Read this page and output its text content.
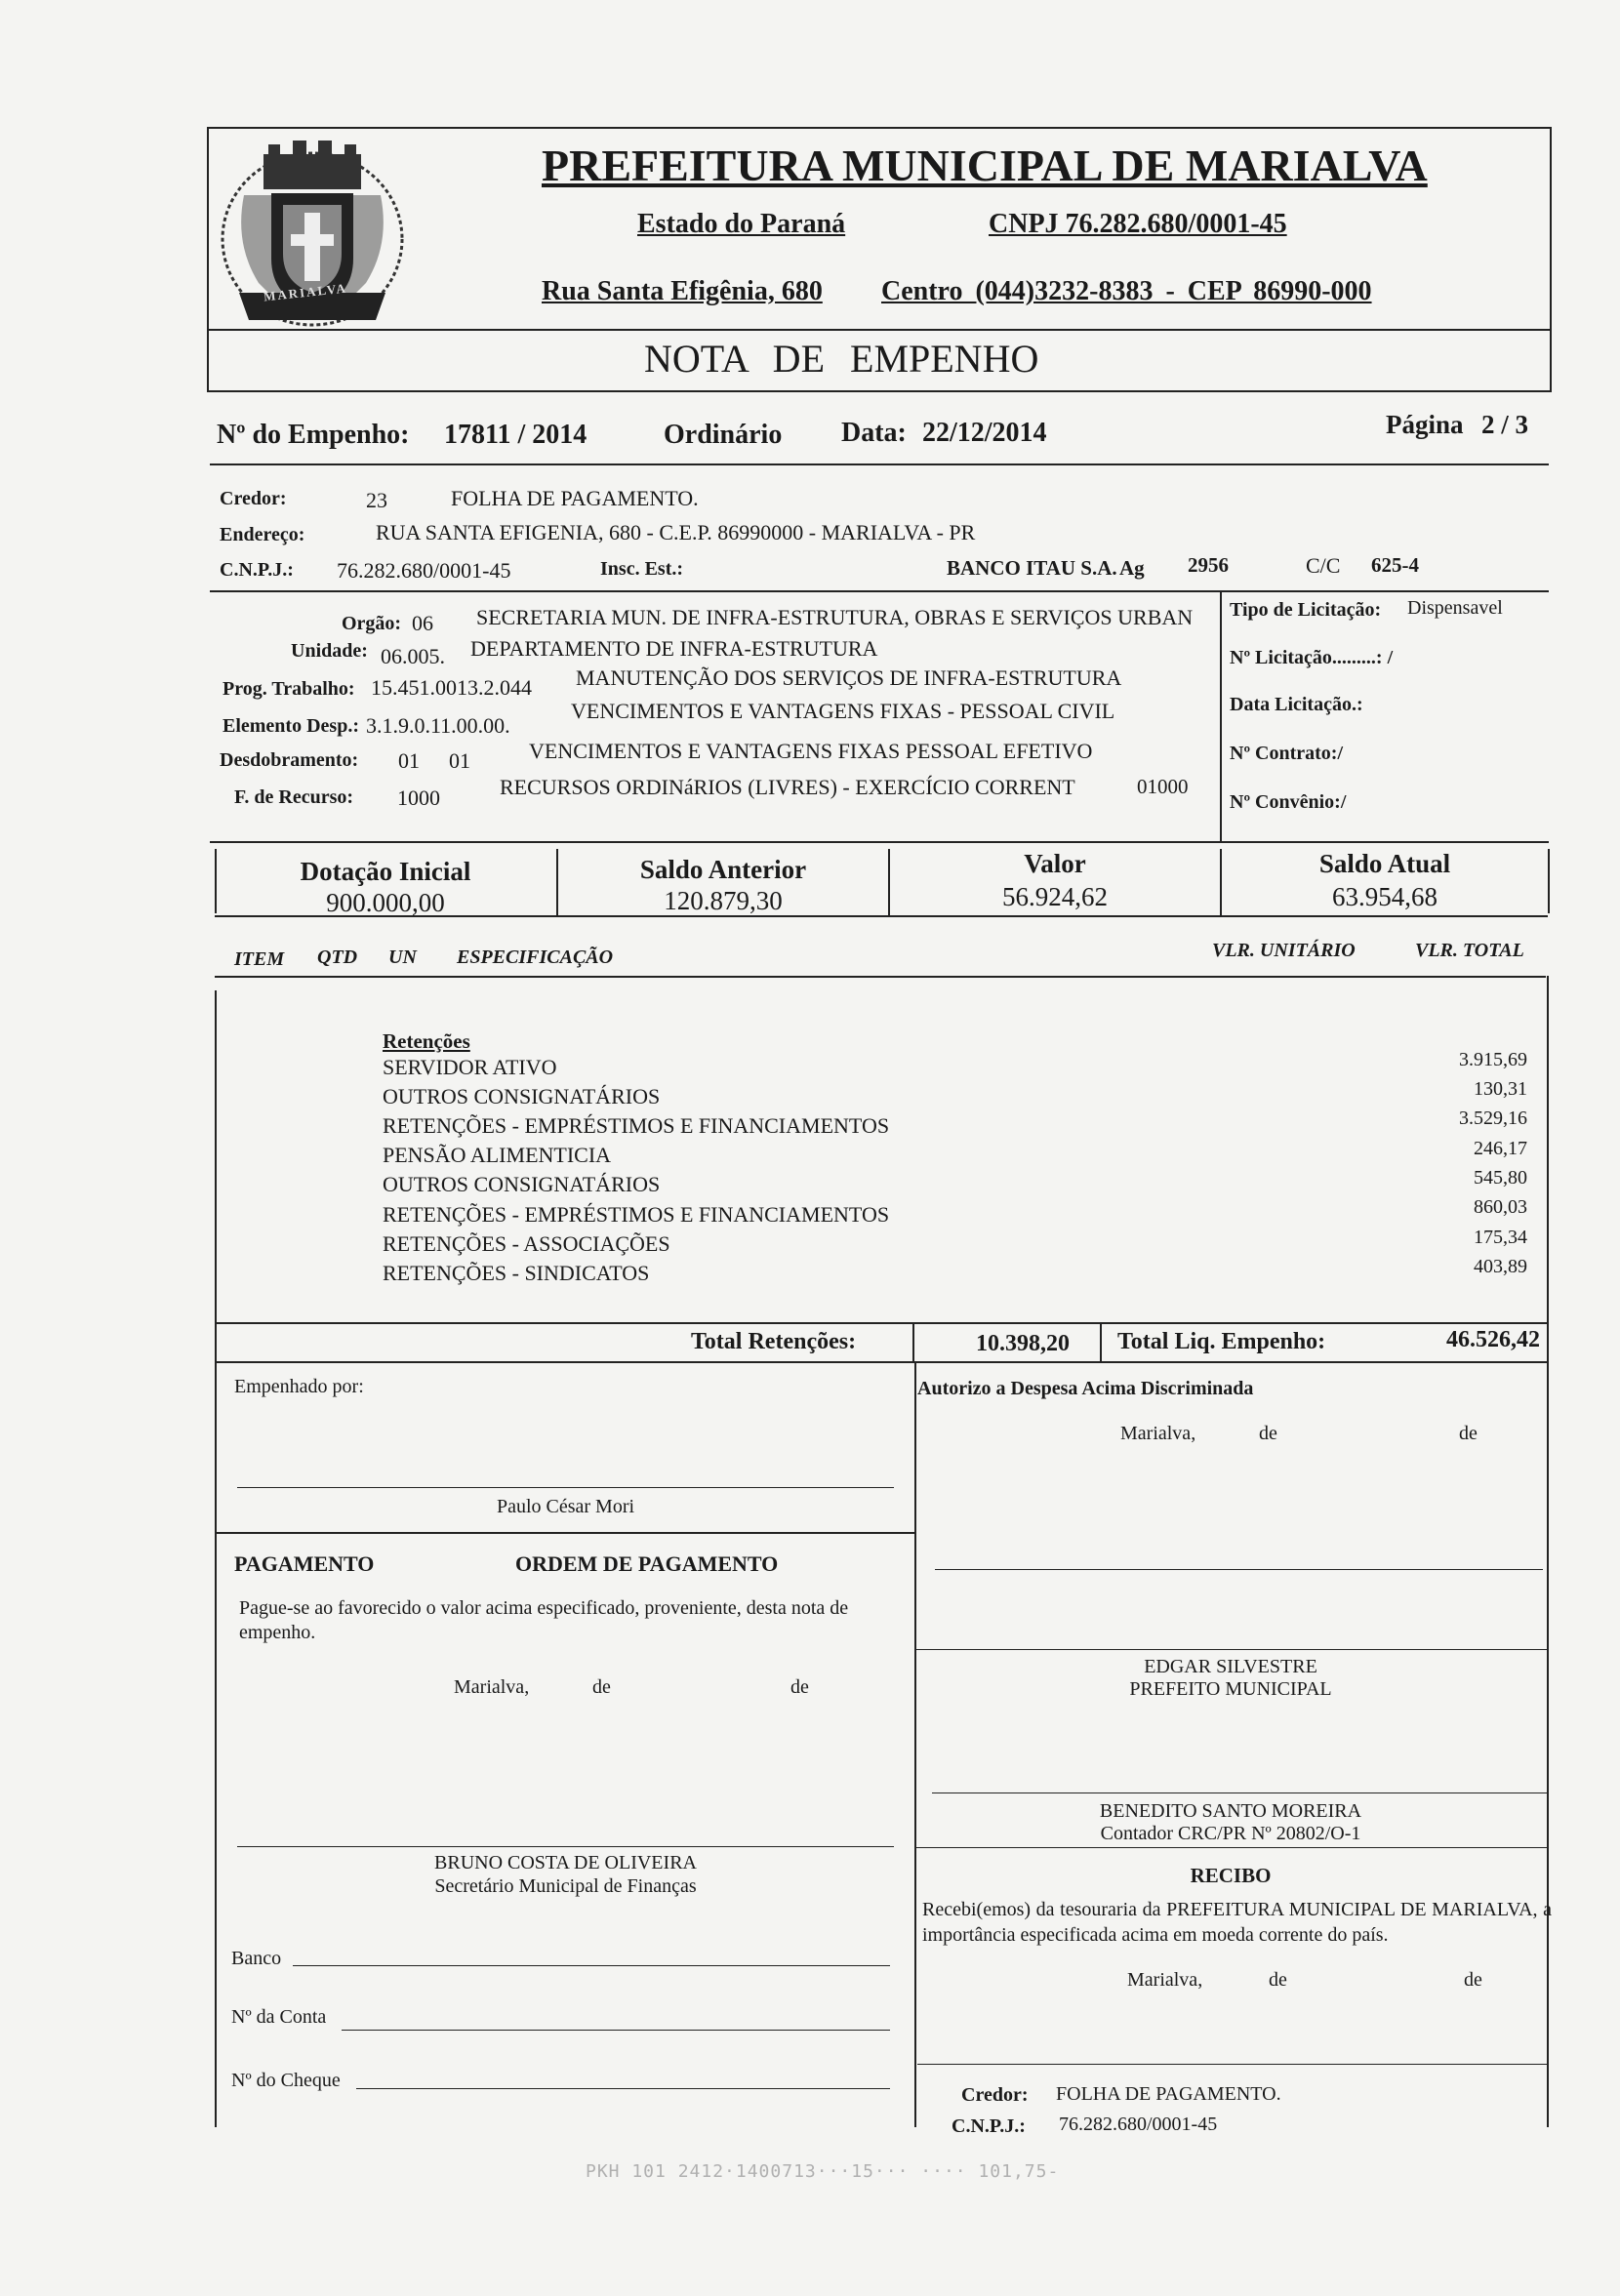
MARIALVA
PREFEITURA MUNICIPAL DE MARIALVA
Estado do Paraná	CNPJ 76.282.680/0001-45
Rua Santa Efigênia, 680 Centro (044)3232-8383 - CEP 86990-000
NOTA DE EMPENHO
Nº do Empenho: 17811 / 2014	Ordinário Data: 22/12/2014	Página 2 / 3
Credor:	23	FOLHA DE PAGAMENTO.
Endereço:	RUA SANTA EFIGENIA, 680 - C.E.P. 86990000 - MARIALVA - PR
C.N.P.J.: 76.282.680/0001-45	Insc. Est.:	BANCO ITAU S.A. Ag 2956	C/C 625-4
Orgão: 06 SECRETARIA MUN. DE INFRA-ESTRUTURA, OBRAS E SERVIÇOS URBAN
Unidade: 06.005. DEPARTAMENTO DE INFRA-ESTRUTURA
Prog. Trabalho: 15.451.0013.2.044 MANUTENÇÃO DOS SERVIÇOS DE INFRA-ESTRUTURA
Elemento Desp.: 3.1.9.0.11.00.00.
VENCIMENTOS E VANTAGENS FIXAS - PESSOAL CIVIL
Desdobramento: 01 01	VENCIMENTOS E VANTAGENS FIXAS PESSOAL EFETIVO
F. de Recurso: 1000	RECURSOS ORDINáRIOS (LIVRES) - EXERCÍCIO CORRENT	01000
Tipo de Licitação: Dispensavel
Nº Licitação.........: /
Data Licitação.:
Nº Contrato:/
Nº Convênio:/
Dotação Inicial
900.000,00
Saldo Anterior
120.879,30
Valor
56.924,62
Saldo Atual
63.954,68
ITEM QTD UN ESPECIFICAÇÃO	VLR. UNITÁRIO	VLR. TOTAL
Retenções
SERVIDOR ATIVO	3.915,69
OUTROS CONSIGNATÁRIOS	130,31
RETENÇÕES - EMPRÉSTIMOS E FINANCIAMENTOS	3.529,16
PENSÃO ALIMENTICIA	246,17
OUTROS CONSIGNATÁRIOS	545,80
RETENÇÕES - EMPRÉSTIMOS E FINANCIAMENTOS	860,03
RETENÇÕES - ASSOCIAÇÕES	175,34
RETENÇÕES - SINDICATOS	403,89
Total Retenções:	10.398,20 Total Liq. Empenho:	46.526,42
Empenhado por:
Paulo César Mori
Autorizo a Despesa Acima Discriminada
Marialva,	de	de
PAGAMENTO	ORDEM DE PAGAMENTO
Pague-se ao favorecido o valor acima especificado, proveniente, desta nota de empenho.
Marialva,	de	de
EDGAR SILVESTRE
PREFEITO MUNICIPAL
BENEDITO SANTO MOREIRA
Contador CRC/PR Nº 20802/O-1
BRUNO COSTA DE OLIVEIRA
Secretário Municipal de Finanças
Banco
Nº da Conta
Nº do Cheque
RECIBO
Recebi(emos) da tesouraria da PREFEITURA MUNICIPAL DE MARIALVA, a importância especificada acima em moeda corrente do país.
Marialva,	de	de
Credor: FOLHA DE PAGAMENTO.
C.N.P.J.: 76.282.680/0001-45
PKH 101 2412·1400713···15··· ···· 101,75-
